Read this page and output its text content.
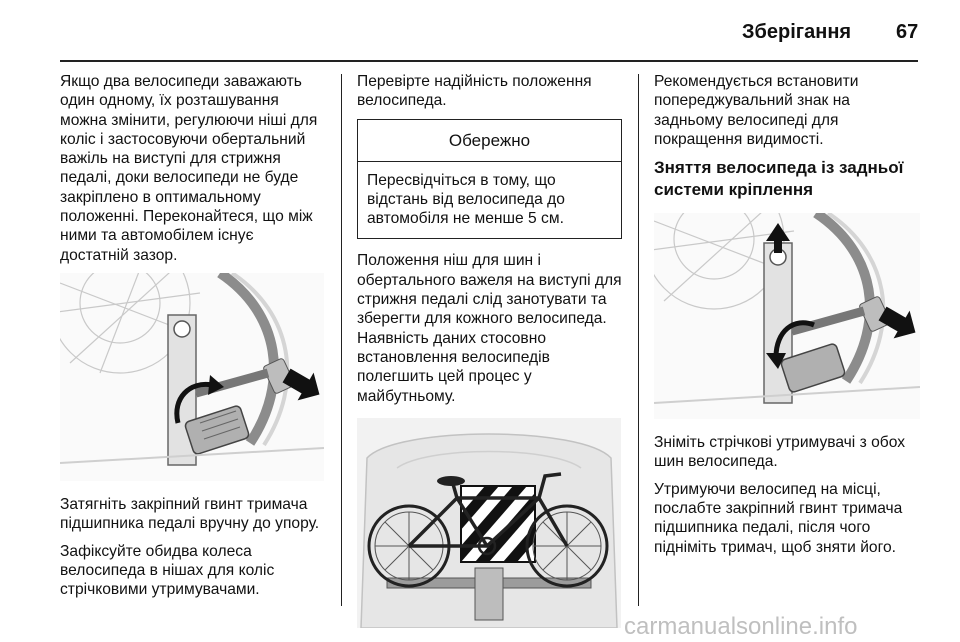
Зберігання 67

Якщо два велосипеди заважають один одному, їх розташування можна змінити, регулюючи ніші для коліс і застосовуючи обертальний важіль на виступі для стрижня педалі, доки велосипеди не буде закріплено в оптимальному положенні. Переконайтеся, що між ними та автомобілем існує достатній зазор.

Затягніть закріпний гвинт тримача підшипника педалі вручну до упору.

Зафіксуйте обидва колеса велосипеда в нішах для коліс стрічковими утримувачами.

Перевірте надійність положення велосипеда.

Обережно
Пересвідчіться в тому, що відстань від велосипеда до автомобіля не менше 5 см.

Положення ніш для шин і обертального важеля на виступі для стрижня педалі слід занотувати та зберегти для кожного велосипеда. Наявність даних стосовно встановлення велосипедів полегшить цей процес у майбутньому.

Рекомендується встановити попереджувальний знак на задньому велосипеді для покращення видимості.

Зняття велосипеда із задньої системи кріплення

Зніміть стрічкові утримувачі з обох шин велосипеда.

Утримуючи велосипед на місці, послабте закріпний гвинт тримача підшипника педалі, після чого підніміть тримач, щоб зняти його.

carmanualsonline.info
